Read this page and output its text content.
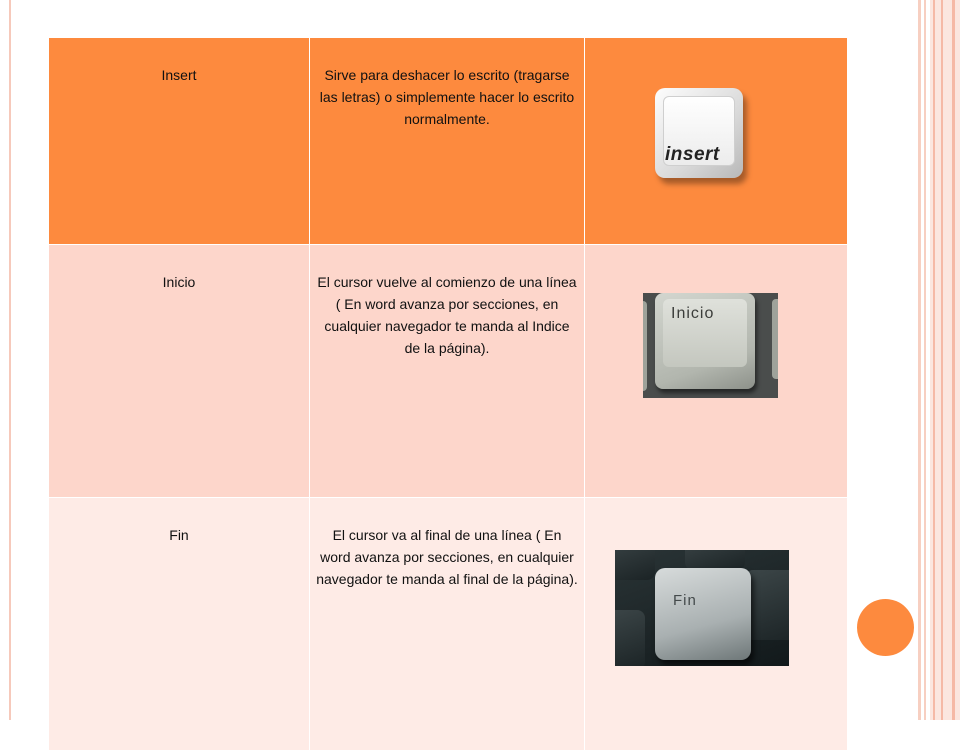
Insert	Sirve para deshacer lo escrito (tragarse las letras) o simplemente hacer lo escrito normalmente.	insert

Inicio	El cursor vuelve al comienzo de una línea ( En word avanza por secciones, en cualquier navegador te manda al Indice de la página).	Inicio

Fin	El cursor va al final de una línea ( En word avanza por secciones, en cualquier navegador te manda al final de la página).	Fin
